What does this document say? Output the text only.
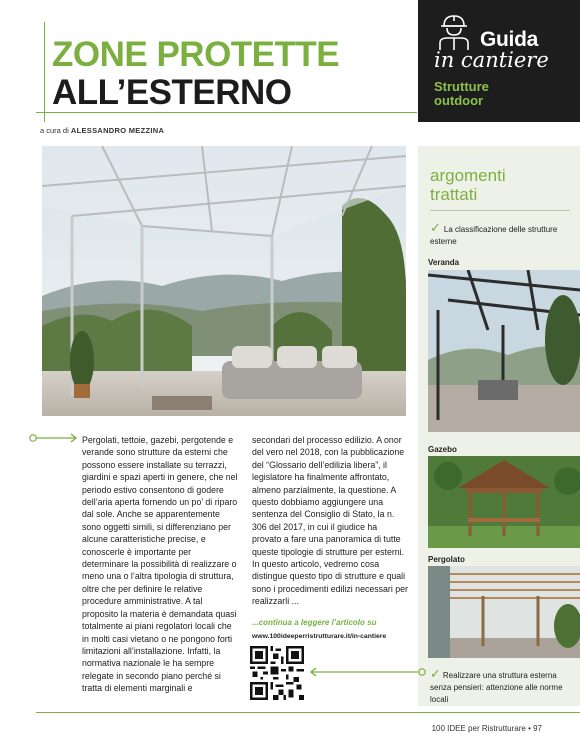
ZONE PROTETTE
ALL’ESTERNO
a cura di ALESSANDRO MEZZINA
Guida
in cantiere
Strutture
outdoor
argomenti
trattati
✓ La classificazione delle strutture esterne
Veranda
Gazebo
Pergolato
✓ Realizzare una struttura esterna senza pensieri: attenzione alle norme locali

Pergolati, tettoie, gazebi, pergotende e verande sono strutture da esterni che possono essere installate su terrazzi, giardini e spazi aperti in genere, che nel periodo estivo consentono di godere dell’aria aperta fornendo un po’ di riparo dal sole. Anche se apparentemente sono oggetti simili, si differenziano per alcune caratteristiche precise, e conoscerle è importante per determinare la possibilità di realizzare o meno una o l’altra tipologia di struttura, oltre che per definire le relative procedure amministrative. A tal proposito la materia è demandata quasi totalmente ai piani regolatori locali che in molti casi vietano o ne pongono forti limitazioni all’installazione. Infatti, la normativa nazionale le ha sempre relegate in secondo piano perché si tratta di elementi marginali e

secondari del processo edilizio. A onor del vero nel 2018, con la pubblicazione del “Glossario dell’edilizia libera”, il legislatore ha finalmente affrontato, almeno parzialmente, la questione. A questo dobbiamo aggiungere una sentenza del Consiglio di Stato, la n. 306 del 2017, in cui il giudice ha provato a fare una panoramica di tutte queste tipologie di strutture per esterni. In questo articolo, vedremo cosa distingue questo tipo di strutture e quali sono i procedimenti edilizi necessari per realizzarli ...

...continua a leggere l’articolo su
www.100ideeperristrutturare.it/in-cantiere
100 IDEE per Ristrutturare • 97
